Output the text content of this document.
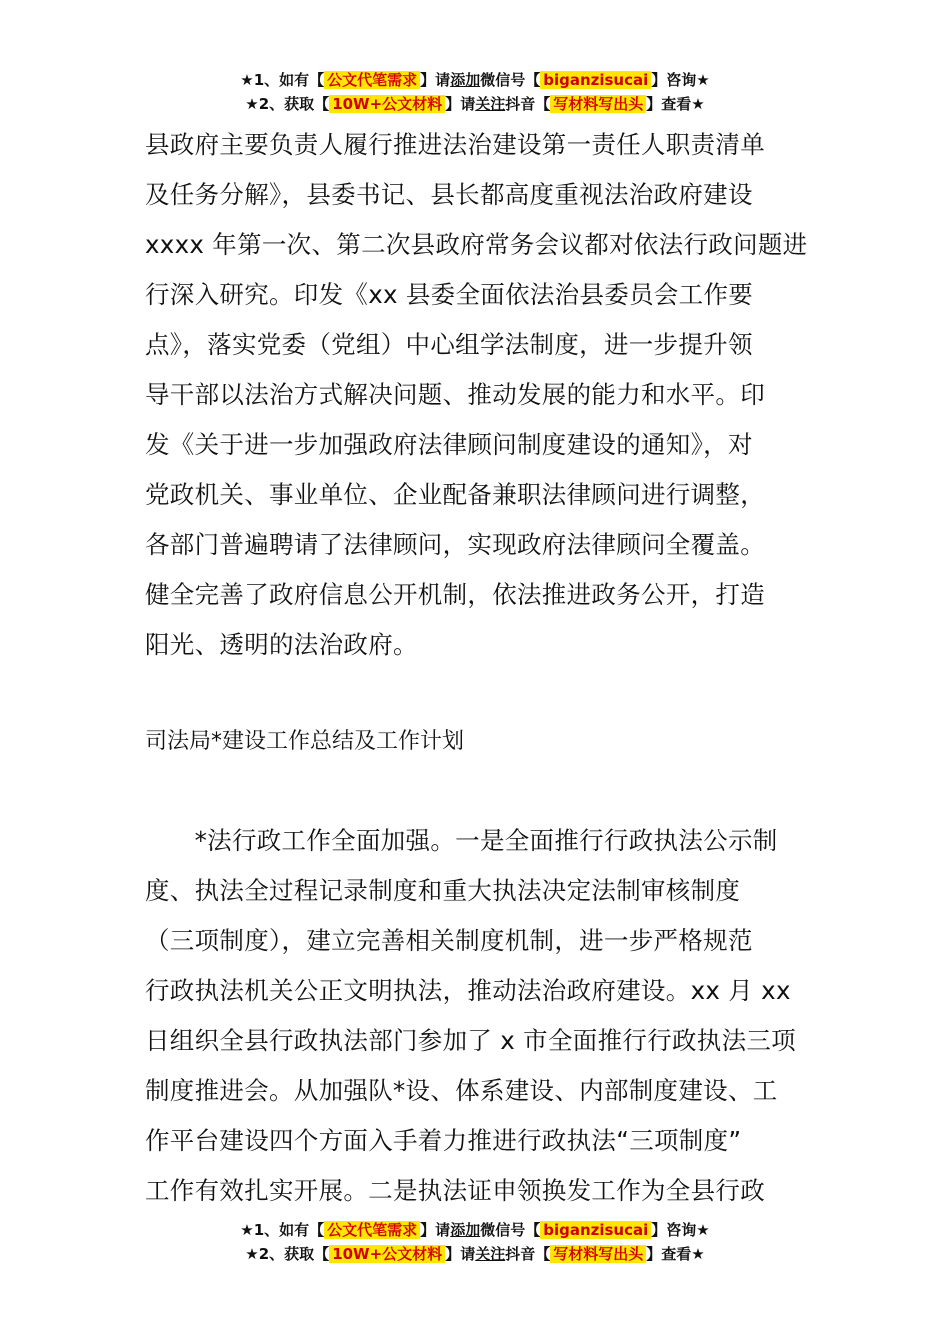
★1、如有【 公文代笔需求 】请添加微信号【 biganzisucai 】咨询★
★2、获取【 10W+公文材料 】请关注抖音【 写材料写出头 】查看★
县政府主要负责人履行推进法治建设第一责任人职责清单
及任务分解》，县委书记、县长都高度重视法治政府建设
xxxx 年第一次、第二次县政府常务会议都对依法行政问题进
行深入研究。印发《xx 县委全面依法治县委员会工作要
点》，落实党委（党组）中心组学法制度，进一步提升领
导干部以法治方式解决问题、推动发展的能力和水平。印
发《关于进一步加强政府法律顾问制度建设的通知》，对
党政机关、事业单位、企业配备兼职法律顾问进行调整，
各部门普遍聘请了法律顾问，实现政府法律顾问全覆盖。
健全完善了政府信息公开机制，依法推进政务公开，打造
阳光、透明的法治政府。
司法局*建设工作总结及工作计划
　　*法行政工作全面加强。一是全面推行行政执法公示制
度、执法全过程记录制度和重大执法决定法制审核制度
（三项制度），建立完善相关制度机制，进一步严格规范
行政执法机关公正文明执法，推动法治政府建设。xx 月 xx
日组织全县行政执法部门参加了 x 市全面推行行政执法三项
制度推进会。从加强队*设、体系建设、内部制度建设、工
作平台建设四个方面入手着力推进行政执法“三项制度”
工作有效扎实开展。二是执法证申领换发工作为全县行政
★1、如有【 公文代笔需求 】请添加微信号【 biganzisucai 】咨询★
★2、获取【 10W+公文材料 】请关注抖音【 写材料写出头 】查看★
